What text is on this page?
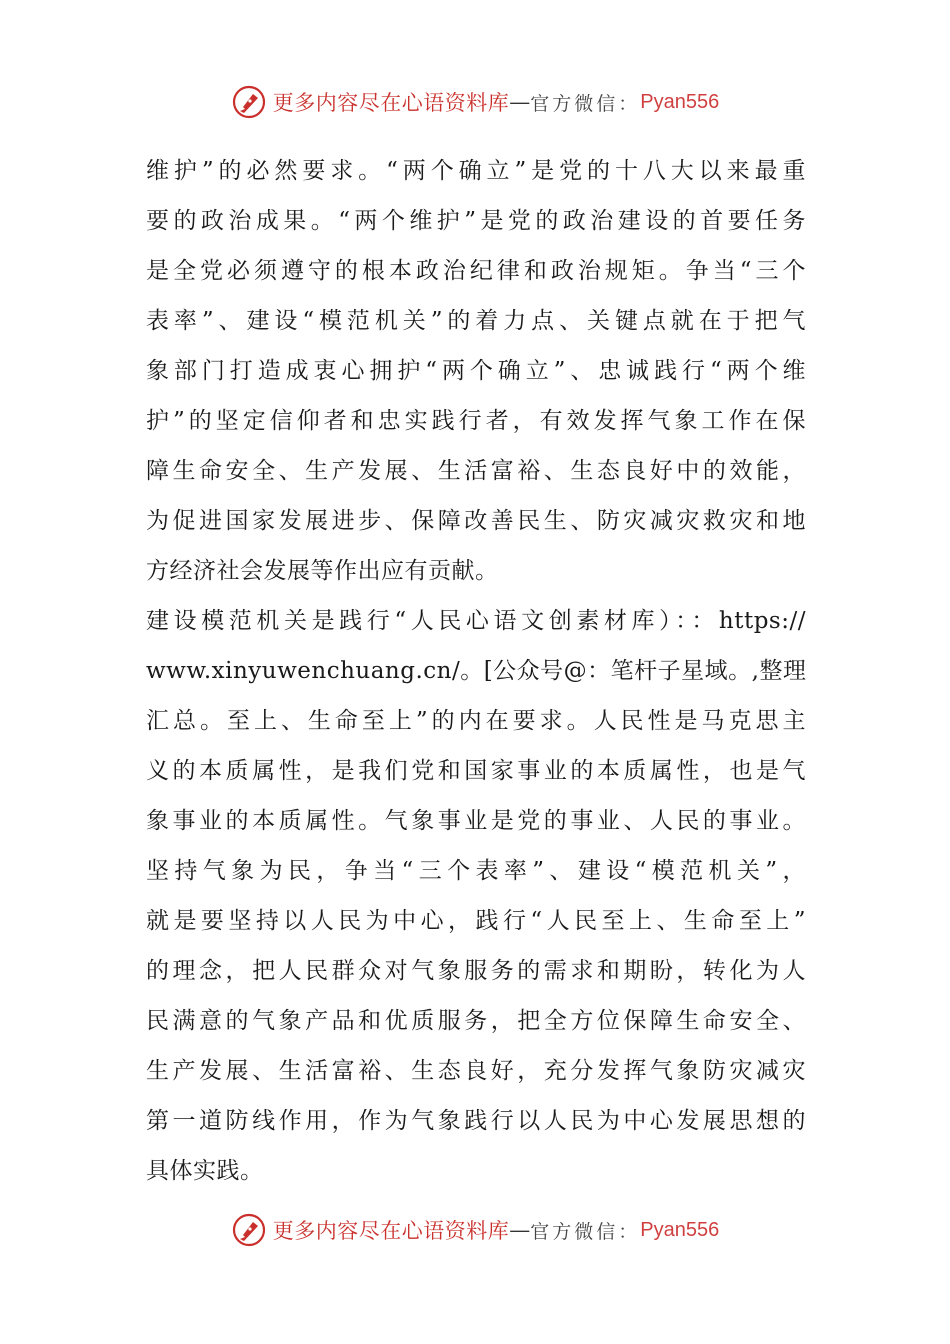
更多内容尽在心语资料库 — 官方微信： Pyan556
维护”的必然要求。“两个确立”是党的十八大以来最重
要的政治成果。“两个维护”是党的政治建设的首要任务
是全党必须遵守的根本政治纪律和政治规矩。争当“三个
表率”、建设“模范机关”的着力点、关键点就在于把气
象部门打造成衷心拥护“两个确立”、忠诚践行“两个维
护”的坚定信仰者和忠实践行者，有效发挥气象工作在保
障生命安全、生产发展、生活富裕、生态良好中的效能，
为促进国家发展进步、保障改善民生、防灾减灾救灾和地
方经济社会发展等作出应有贡献。
建设模范机关是践行“人民心语文创素材库）：：https://
www.xinyuwenchuang.cn/。[公众号@：笔杆子星域。,整理
汇总。至上、生命至上”的内在要求。人民性是马克思主
义的本质属性，是我们党和国家事业的本质属性，也是气
象事业的本质属性。气象事业是党的事业、人民的事业。
坚持气象为民，争当“三个表率”、建设“模范机关”，
就是要坚持以人民为中心，践行“人民至上、生命至上”
的理念，把人民群众对气象服务的需求和期盼，转化为人
民满意的气象产品和优质服务，把全方位保障生命安全、
生产发展、生活富裕、生态良好，充分发挥气象防灾减灾
第一道防线作用，作为气象践行以人民为中心发展思想的
具体实践。
更多内容尽在心语资料库 — 官方微信： Pyan556
